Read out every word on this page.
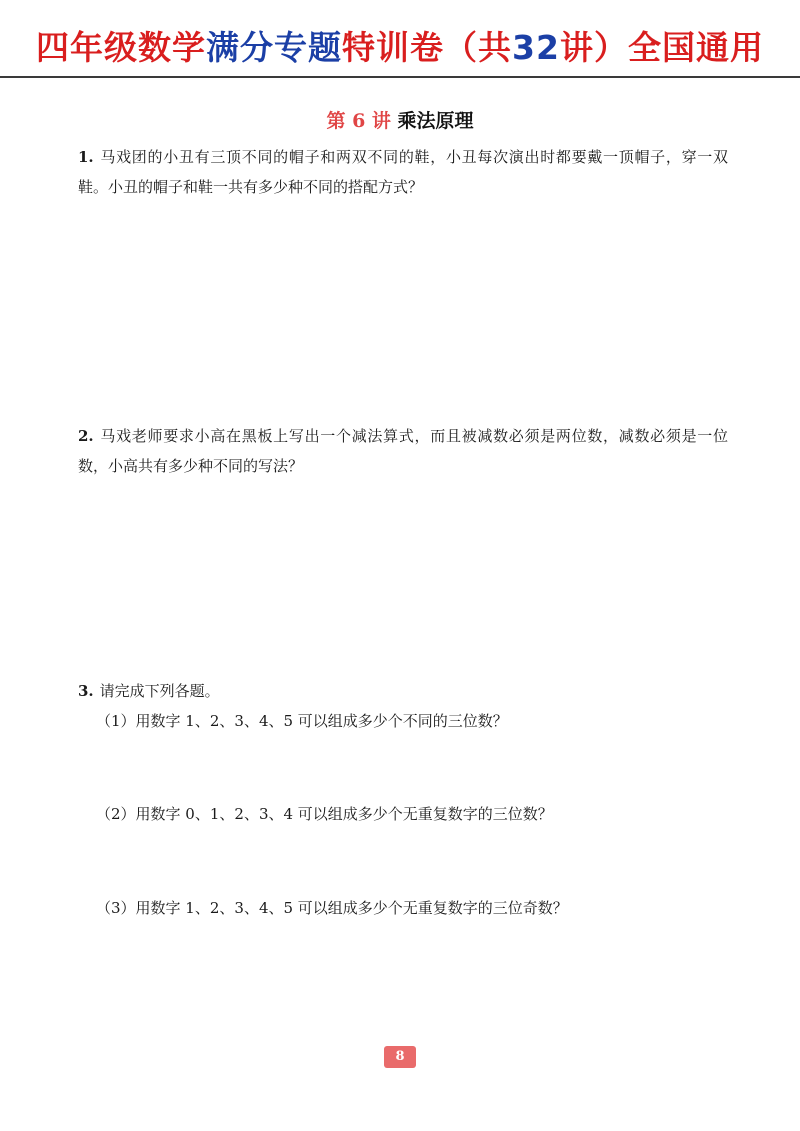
四年级数学满分专题特训卷（共32讲）全国通用
第 6 讲 乘法原理
1. 马戏团的小丑有三顶不同的帽子和两双不同的鞋，小丑每次演出时都要戴一顶帽子，穿一双鞋。小丑的帽子和鞋一共有多少种不同的搭配方式？
2. 马戏老师要求小高在黑板上写出一个减法算式，而且被减数必须是两位数，减数必须是一位数，小高共有多少种不同的写法？
3. 请完成下列各题。
（1）用数字 1、2、3、4、5 可以组成多少个不同的三位数？
（2）用数字 0、1、2、3、4 可以组成多少个无重复数字的三位数？
（3）用数字 1、2、3、4、5 可以组成多少个无重复数字的三位奇数？
8
